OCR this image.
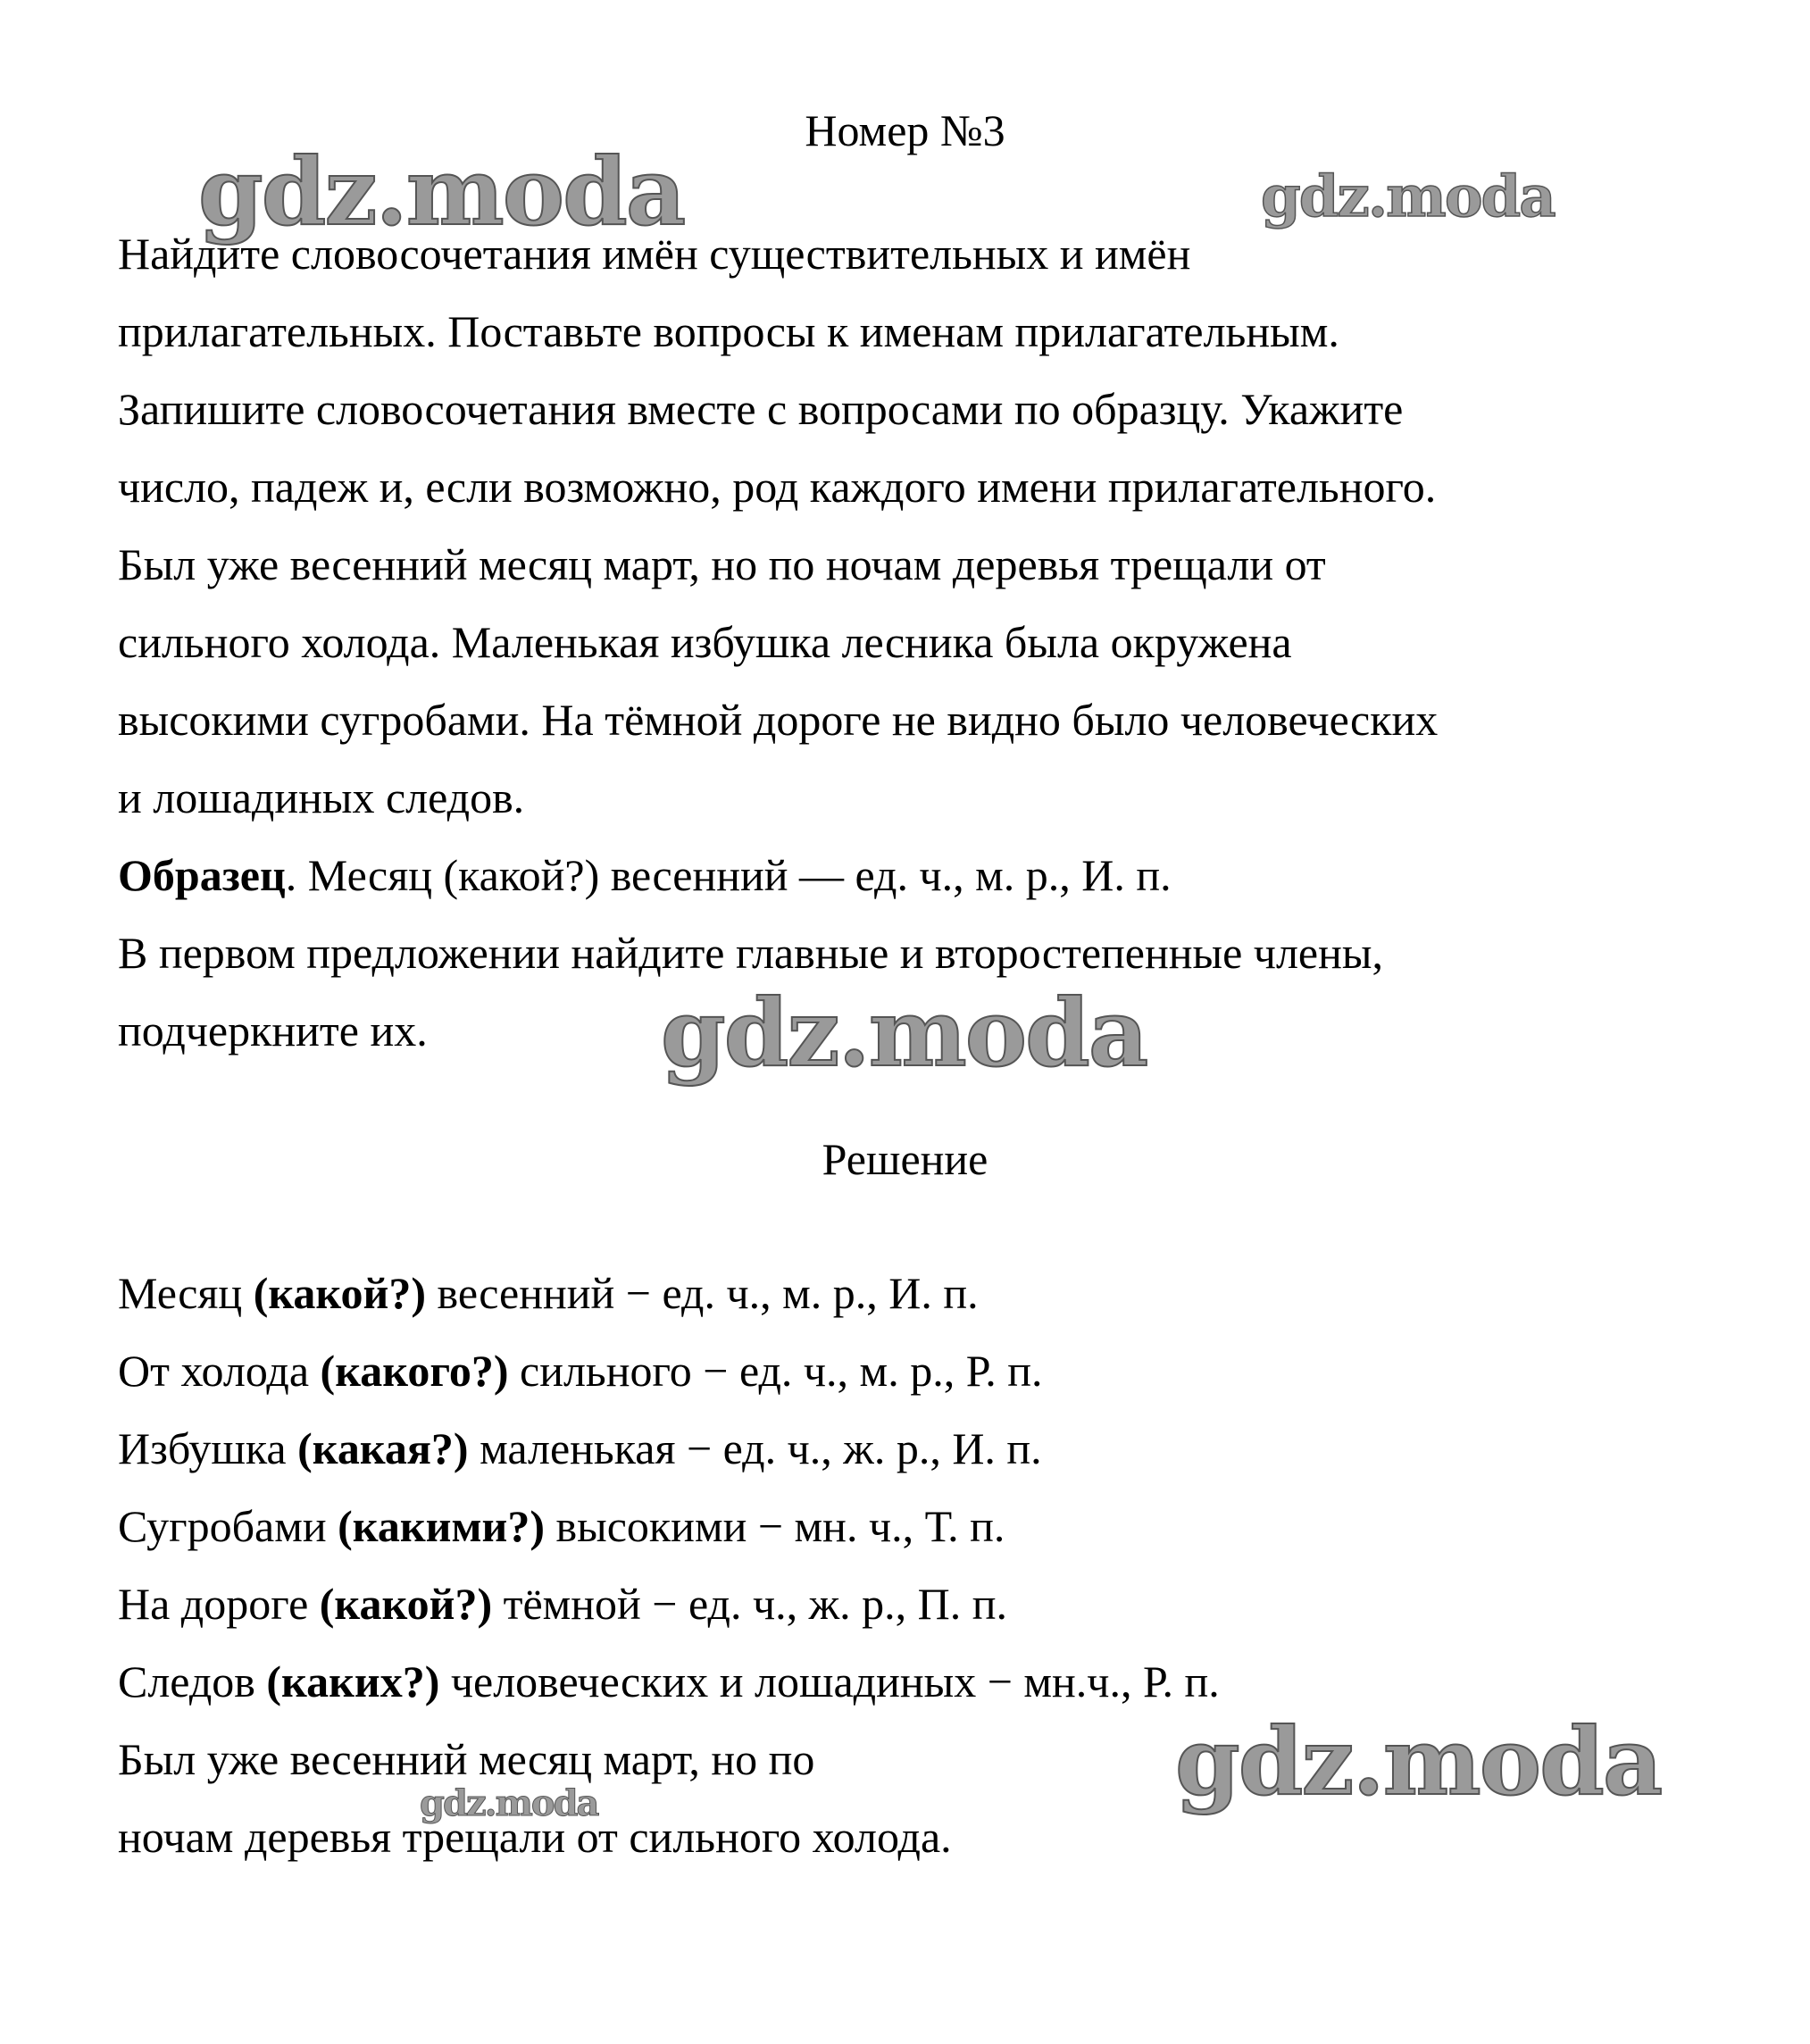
Номер №3
Найдите словосочетания имён существительных и имён
прилагательных. Поставьте вопросы к именам прилагательным.
Запишите словосочетания вместе с вопросами по образцу. Укажите
число, падеж и, если возможно, род каждого имени прилагательного.
Был уже весенний месяц март, но по ночам деревья трещали от
сильного холода. Маленькая избушка лесника была окружена
высокими сугробами. На тёмной дороге не видно было человеческих
и лошадиных следов.
Образец. Месяц (какой?) весенний — ед. ч., м. р., И. п.
В первом предложении найдите главные и второстепенные члены,
подчеркните их.
Решение
Месяц (какой?) весенний − ед. ч., м. р., И. п.
От холода (какого?) сильного − ед. ч., м. р., Р. п.
Избушка (какая?) маленькая − ед. ч., ж. р., И. п.
Сугробами (какими?) высокими − мн. ч., Т. п.
На дороге (какой?) тёмной − ед. ч., ж. р., П. п.
Следов (каких?) человеческих и лошадиных − мн.ч., Р. п.
Был уже весенний месяц март, но по
ночам деревья трещали от сильного холода.
gdz.moda	gdz.moda
gdz.moda
gdz.moda
gdz.moda
